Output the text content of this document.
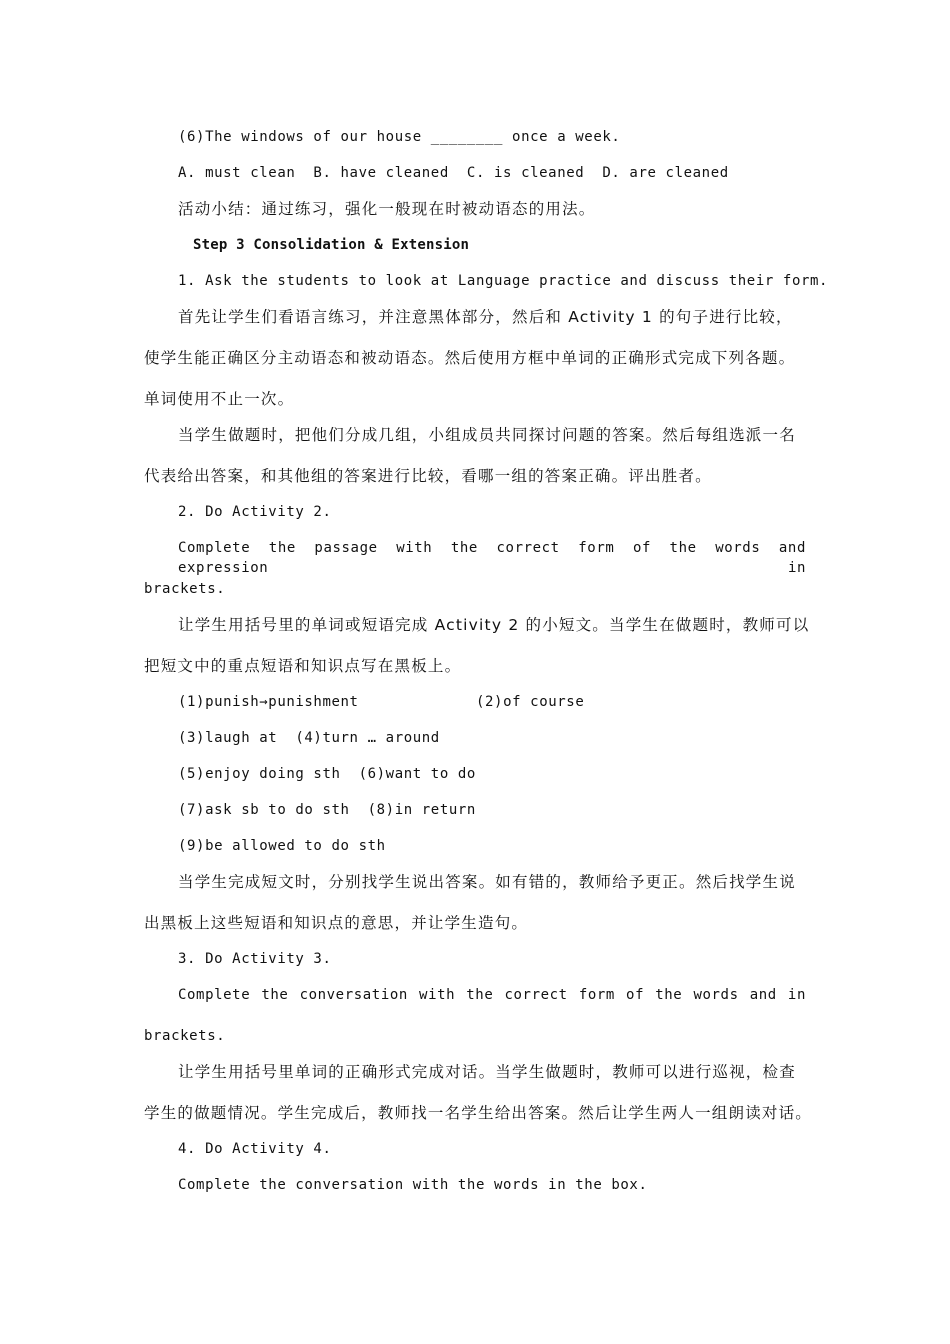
(6)The windows of our house ________ once a week.
A. must clean  B. have cleaned  C. is cleaned  D. are cleaned
活动小结：通过练习，强化一般现在时被动语态的用法。
Step 3 Consolidation & Extension
1. Ask the students to look at Language practice and discuss their form.
首先让学生们看语言练习，并注意黑体部分，然后和 Activity 1 的句子进行比较，
使学生能正确区分主动语态和被动语态。然后使用方框中单词的正确形式完成下列各题。
单词使用不止一次。
当学生做题时，把他们分成几组，小组成员共同探讨问题的答案。然后每组选派一名
代表给出答案，和其他组的答案进行比较，看哪一组的答案正确。评出胜者。
2. Do Activity 2.
Complete the passage with the correct form of the words and expression in
brackets.
让学生用括号里的单词或短语完成 Activity 2 的小短文。当学生在做题时，教师可以
把短文中的重点短语和知识点写在黑板上。
(1)punish→punishment	(2)of course
(3)laugh at  (4)turn … around
(5)enjoy doing sth  (6)want to do
(7)ask sb to do sth  (8)in return
(9)be allowed to do sth
当学生完成短文时，分别找学生说出答案。如有错的，教师给予更正。然后找学生说
出黑板上这些短语和知识点的意思，并让学生造句。
3. Do Activity 3.
Complete the conversation with the correct form of the words and in
brackets.
让学生用括号里单词的正确形式完成对话。当学生做题时，教师可以进行巡视，检查
学生的做题情况。学生完成后，教师找一名学生给出答案。然后让学生两人一组朗读对话。
4. Do Activity 4.
Complete the conversation with the words in the box.
